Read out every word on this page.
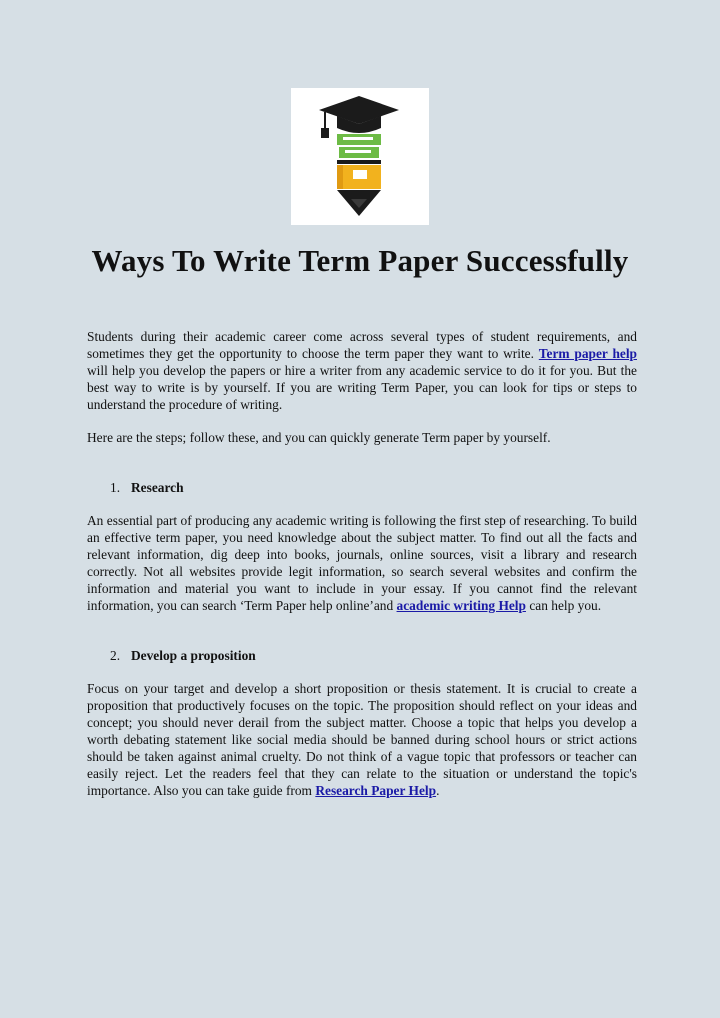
Ways To Write Term Paper Successfully

Students during their academic career come across several types of student requirements, and sometimes they get the opportunity to choose the term paper they want to write. Term paper help will help you develop the papers or hire a writer from any academic service to do it for you. But the best way to write is by yourself. If you are writing Term Paper, you can look for tips or steps to understand the procedure of writing.

Here are the steps; follow these, and you can quickly generate Term paper by yourself.

1. Research

An essential part of producing any academic writing is following the first step of researching. To build an effective term paper, you need knowledge about the subject matter. To find out all the facts and relevant information, dig deep into books, journals, online sources, visit a library and research correctly. Not all websites provide legit information, so search several websites and confirm the information and material you want to include in your essay. If you cannot find the relevant information, you can search ‘Term Paper help online’and academic writing Help can help you.

2. Develop a proposition

Focus on your target and develop a short proposition or thesis statement. It is crucial to create a proposition that productively focuses on the topic. The proposition should reflect on your ideas and concept; you should never derail from the subject matter. Choose a topic that helps you develop a worth debating statement like social media should be banned during school hours or strict actions should be taken against animal cruelty. Do not think of a vague topic that professors or teacher can easily reject. Let the readers feel that they can relate to the situation or understand the topic's importance. Also you can take guide from Research Paper Help.
